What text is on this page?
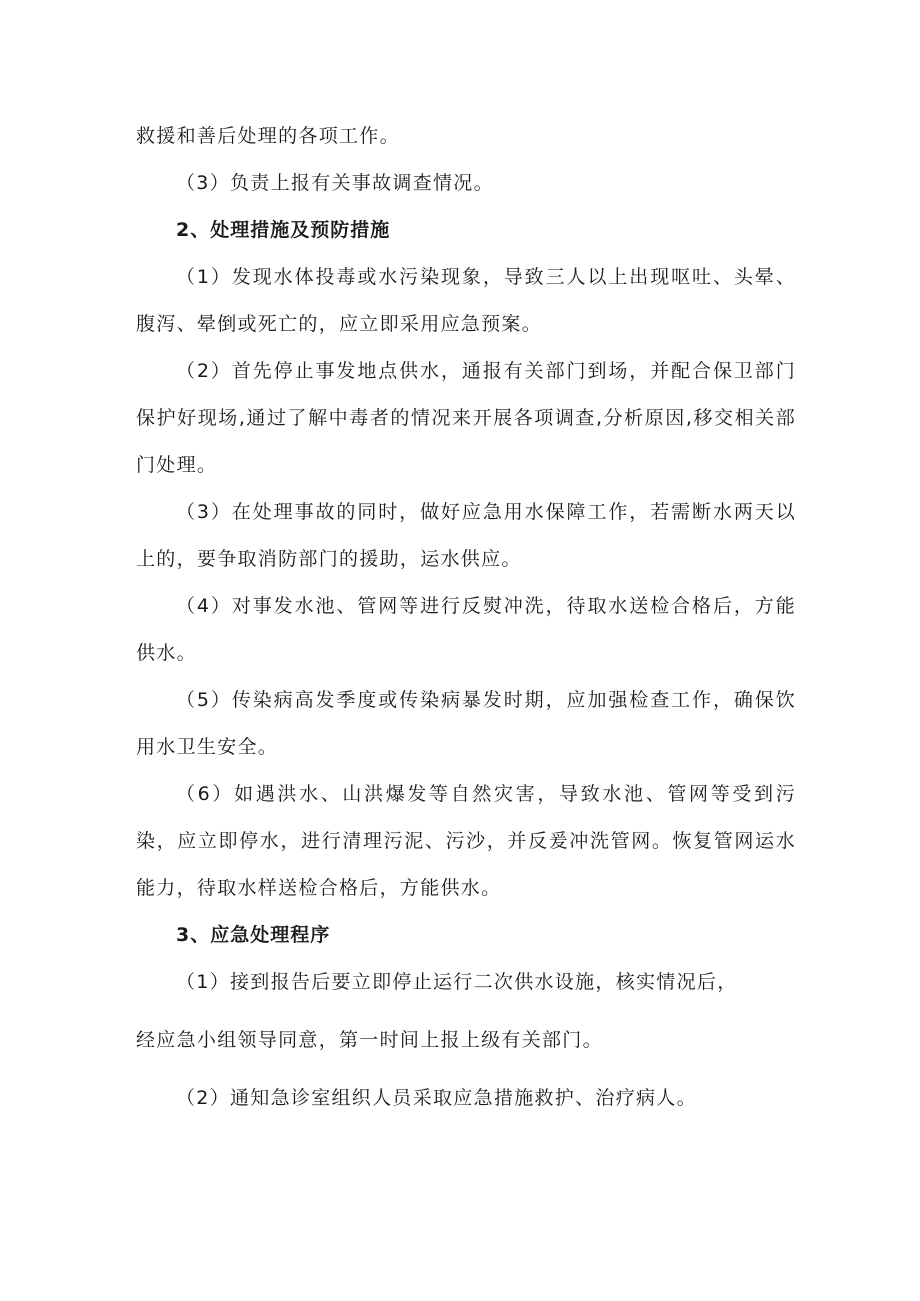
救援和善后处理的各项工作。

（3）负责上报有关事故调查情况。

2、处理措施及预防措施

（1）发现水体投毒或水污染现象，导致三人以上出现呕吐、头晕、腹泻、晕倒或死亡的，应立即采用应急预案。

（2）首先停止事发地点供水，通报有关部门到场，并配合保卫部门保护好现场,通过了解中毒者的情况来开展各项调查,分析原因,移交相关部门处理。

（3）在处理事故的同时，做好应急用水保障工作，若需断水两天以上的，要争取消防部门的援助，运水供应。

（4）对事发水池、管网等进行反熨冲洗，待取水送检合格后，方能供水。

（5）传染病高发季度或传染病暴发时期，应加强检查工作，确保饮用水卫生安全。

（6）如遇洪水、山洪爆发等自然灾害，导致水池、管网等受到污染，应立即停水，进行清理污泥、污沙，并反爰冲洗管网。恢复管网运水能力，待取水样送检合格后，方能供水。

3、应急处理程序

（1）接到报告后要立即停止运行二次供水设施，核实情况后，

经应急小组领导同意，第一时间上报上级有关部门。

（2）通知急诊室组织人员采取应急措施救护、治疗病人。
